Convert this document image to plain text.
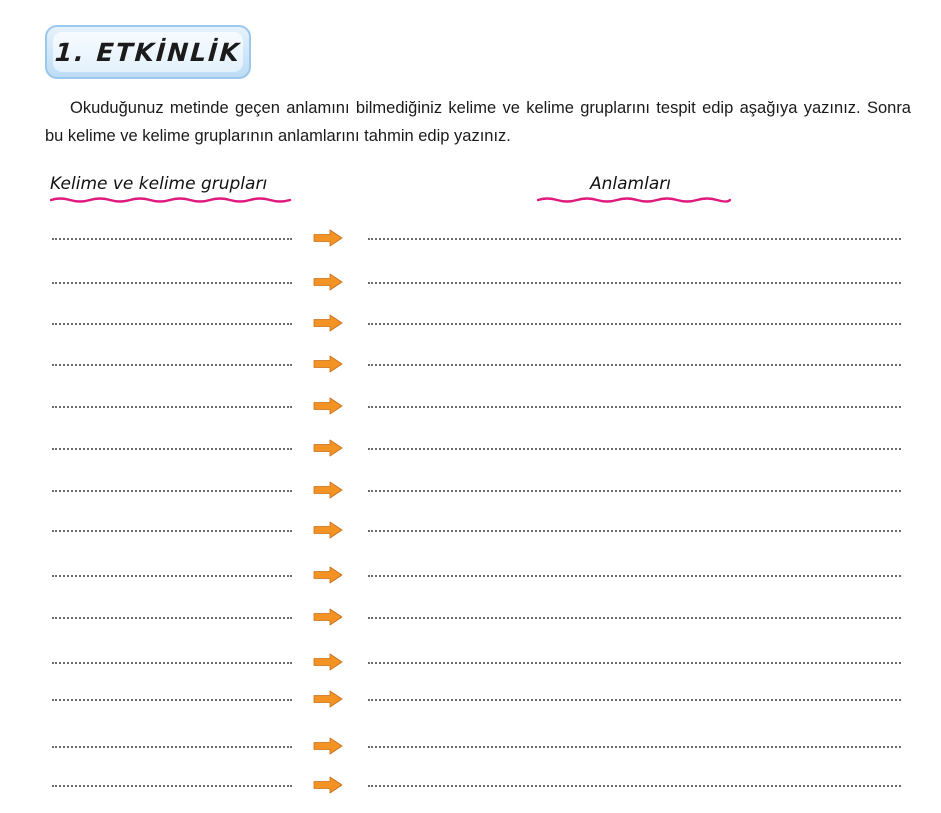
1. ETKİNLİK

Okuduğunuz metinde geçen anlamını bilmediğiniz kelime ve kelime gruplarını tespit edip aşağıya yazınız. Sonra bu kelime ve kelime gruplarının anlamlarını tahmin edip yazınız.

Kelime ve kelime grupları	Anlamları
